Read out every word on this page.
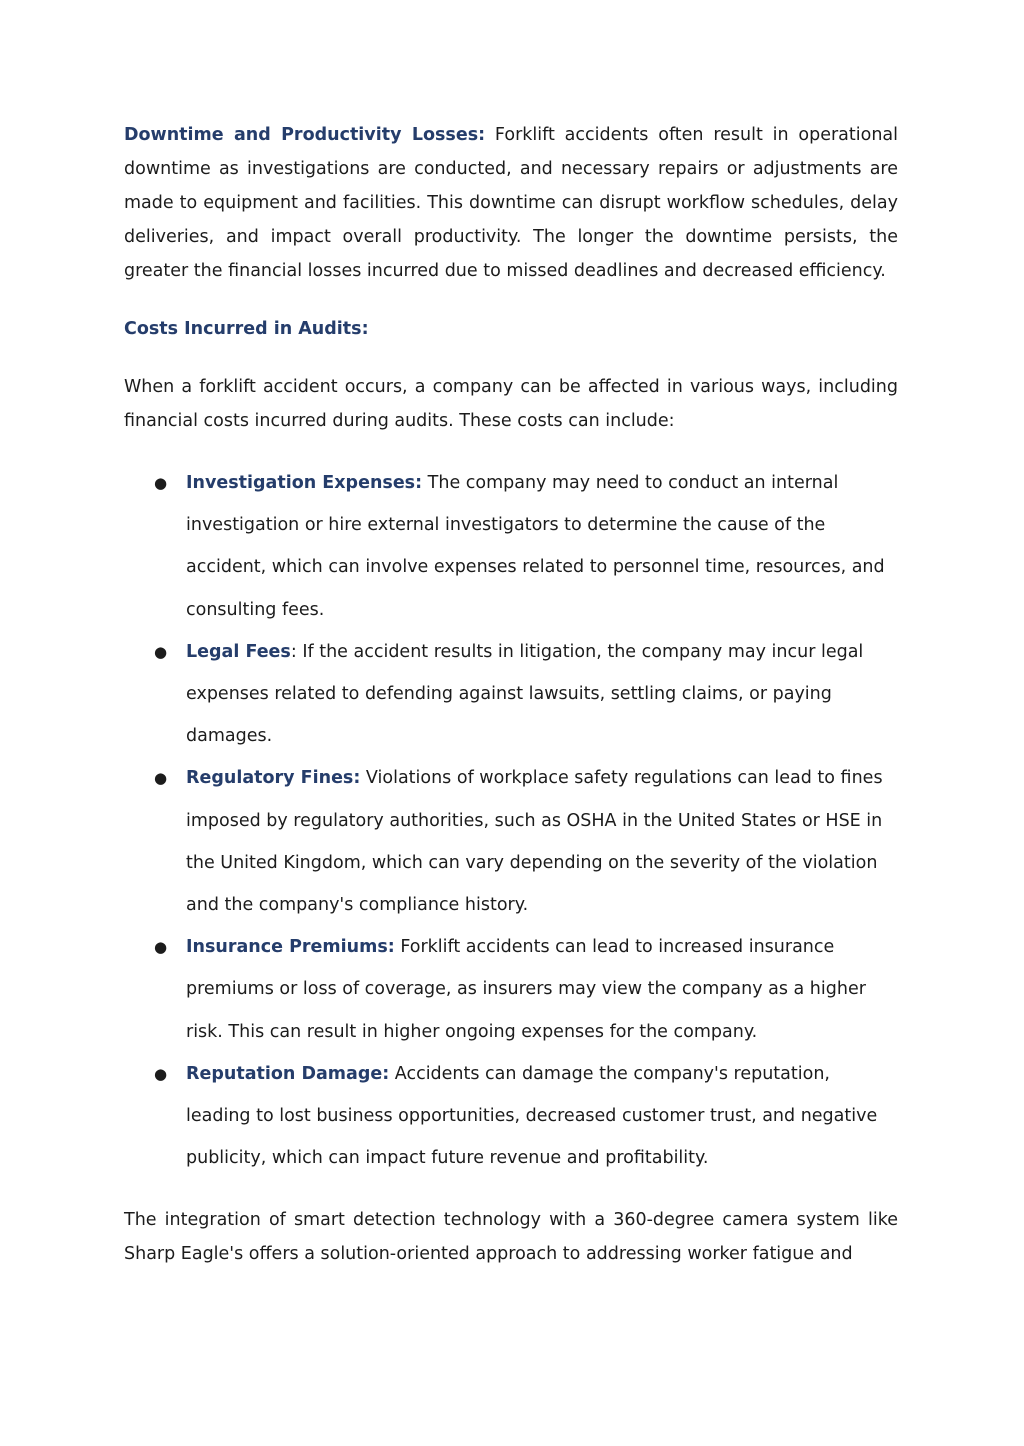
Downtime and Productivity Losses: Forklift accidents often result in operational downtime as investigations are conducted, and necessary repairs or adjustments are made to equipment and facilities. This downtime can disrupt workflow schedules, delay deliveries, and impact overall productivity. The longer the downtime persists, the greater the financial losses incurred due to missed deadlines and decreased efficiency.

Costs Incurred in Audits:

When a forklift accident occurs, a company can be affected in various ways, including financial costs incurred during audits. These costs can include:

● Investigation Expenses: The company may need to conduct an internal investigation or hire external investigators to determine the cause of the accident, which can involve expenses related to personnel time, resources, and consulting fees.
● Legal Fees: If the accident results in litigation, the company may incur legal expenses related to defending against lawsuits, settling claims, or paying damages.
● Regulatory Fines: Violations of workplace safety regulations can lead to fines imposed by regulatory authorities, such as OSHA in the United States or HSE in the United Kingdom, which can vary depending on the severity of the violation and the company's compliance history.
● Insurance Premiums: Forklift accidents can lead to increased insurance premiums or loss of coverage, as insurers may view the company as a higher risk. This can result in higher ongoing expenses for the company.
● Reputation Damage: Accidents can damage the company's reputation, leading to lost business opportunities, decreased customer trust, and negative publicity, which can impact future revenue and profitability.

The integration of smart detection technology with a 360-degree camera system like Sharp Eagle's offers a solution-oriented approach to addressing worker fatigue and
